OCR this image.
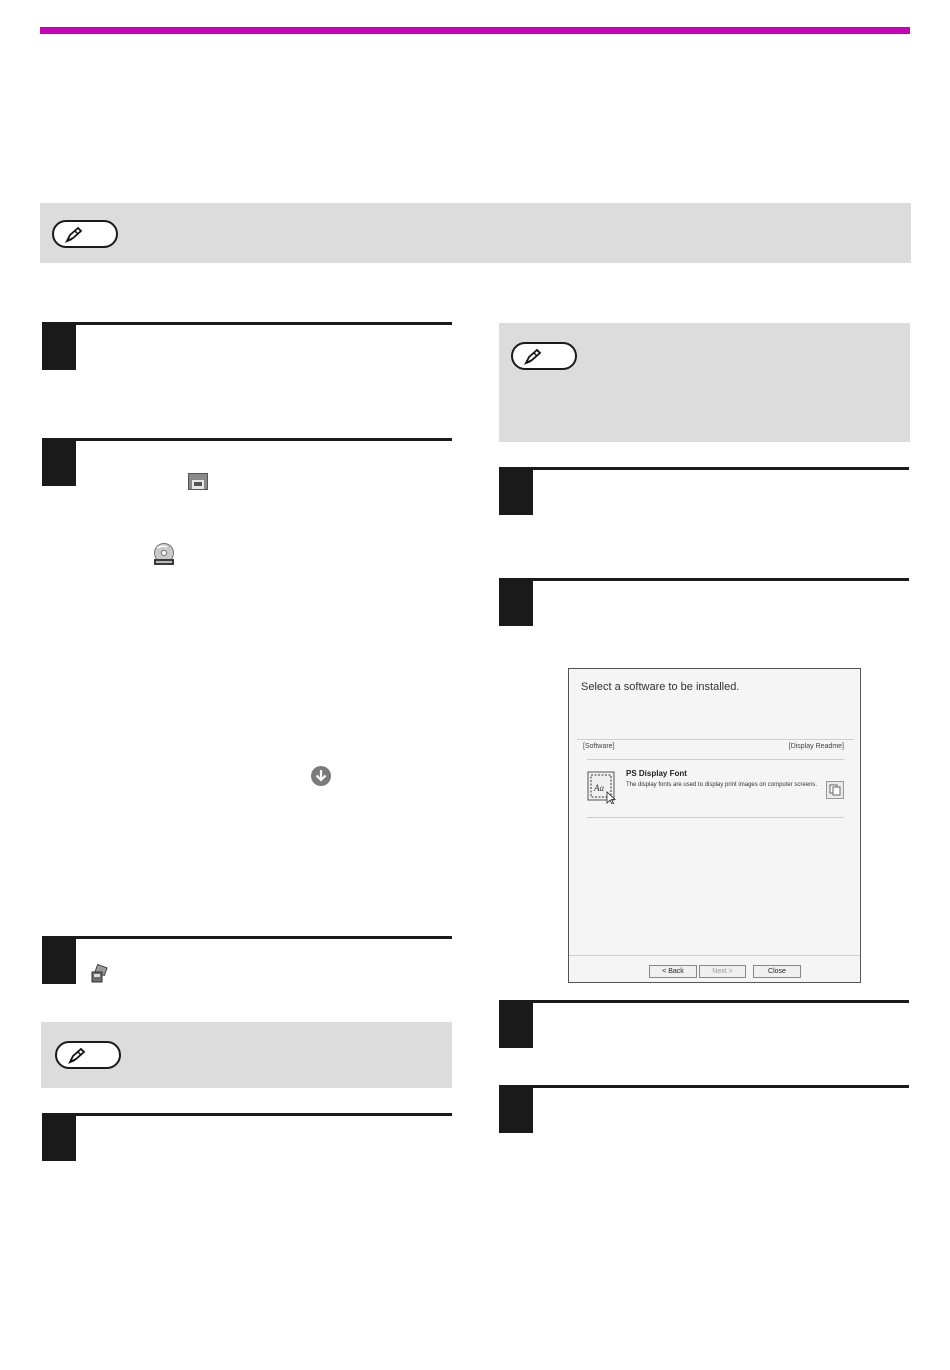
Select a software to be installed.
[Software]	[Display Readme]
Aa
PS Display Font
The display fonts are used to display print images on computer screens.
< Back	Next >	Close
